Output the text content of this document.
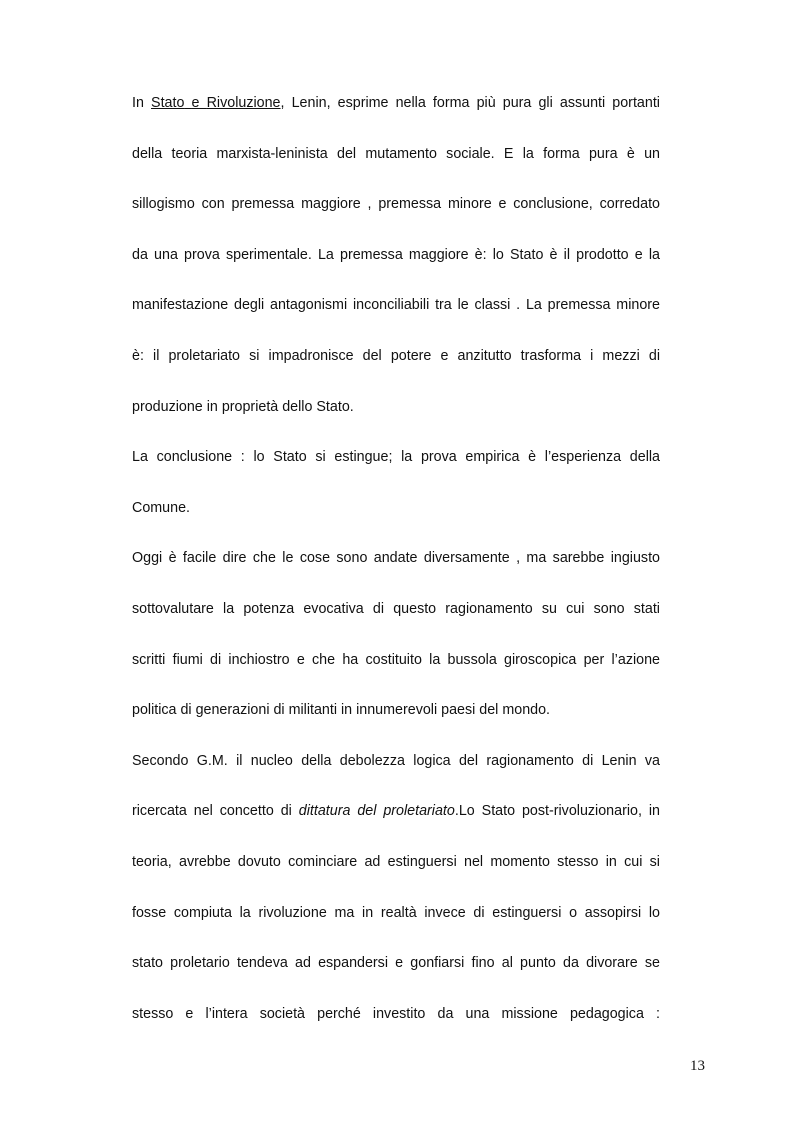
In Stato e Rivoluzione, Lenin, esprime nella forma più pura gli assunti portanti

della teoria marxista-leninista del mutamento sociale. E la forma pura è un

sillogismo con premessa maggiore , premessa minore e conclusione, corredato

da una prova sperimentale. La premessa maggiore è: lo Stato è il prodotto e la

manifestazione degli antagonismi inconciliabili tra le classi . La premessa minore

è: il proletariato si impadronisce del potere e anzitutto trasforma i mezzi di

produzione in proprietà dello Stato.

La conclusione : lo Stato si estingue; la prova empirica è l’esperienza della

Comune.

Oggi è facile dire che le cose sono andate diversamente , ma sarebbe ingiusto

sottovalutare la potenza evocativa di questo ragionamento su cui sono stati

scritti fiumi di inchiostro e che ha costituito la bussola giroscopica per l’azione

politica di generazioni di militanti in innumerevoli paesi del mondo.

Secondo G.M. il nucleo della debolezza logica del ragionamento di Lenin va

ricercata nel concetto di dittatura del proletariato.Lo Stato post-rivoluzionario, in

teoria, avrebbe dovuto cominciare ad estinguersi nel momento stesso in cui si

fosse compiuta la rivoluzione ma in realtà invece di estinguersi o assopirsi lo

stato proletario tendeva ad espandersi e gonfiarsi fino al punto da divorare se

stesso e l’intera società perché investito da una missione pedagogica :

13
